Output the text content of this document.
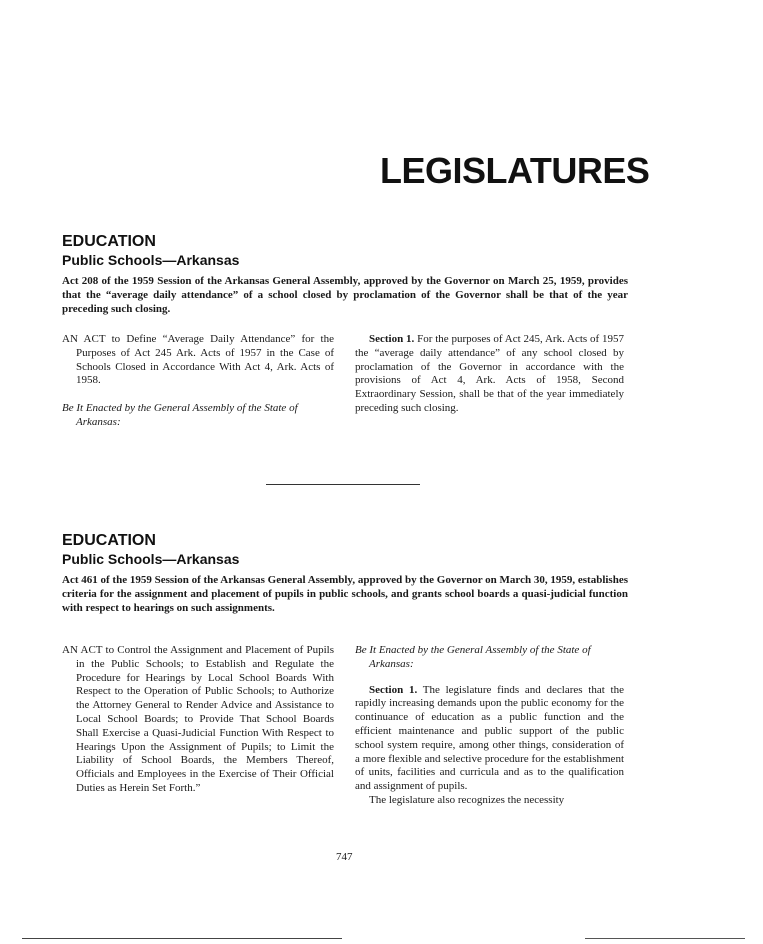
LEGISLATURES
EDUCATION
Public Schools—Arkansas
Act 208 of the 1959 Session of the Arkansas General Assembly, approved by the Governor on March 25, 1959, provides that the “average daily attendance” of a school closed by proclamation of the Governor shall be that of the year preceding such closing.

AN ACT to Define “Average Daily Attendance” for the Purposes of Act 245 Ark. Acts of 1957 in the Case of Schools Closed in Accordance With Act 4, Ark. Acts of 1958.

Be It Enacted by the General Assembly of the State of Arkansas:

Section 1. For the purposes of Act 245, Ark. Acts of 1957 the “average daily attendance” of any school closed by proclamation of the Governor in accordance with the provisions of Act 4, Ark. Acts of 1958, Second Extraordinary Session, shall be that of the year immediately preceding such closing.

EDUCATION
Public Schools—Arkansas
Act 461 of the 1959 Session of the Arkansas General Assembly, approved by the Governor on March 30, 1959, establishes criteria for the assignment and placement of pupils in public schools, and grants school boards a quasi-judicial function with respect to hearings on such assignments.

AN ACT to Control the Assignment and Placement of Pupils in the Public Schools; to Establish and Regulate the Procedure for Hearings by Local School Boards With Respect to the Operation of Public Schools; to Authorize the Attorney General to Render Advice and Assistance to Local School Boards; to Provide That School Boards Shall Exercise a Quasi-Judicial Function With Respect to Hearings Upon the Assignment of Pupils; to Limit the Liability of School Boards, the Members Thereof, Officials and Employees in the Exercise of Their Official Duties as Herein Set Forth.”

Be It Enacted by the General Assembly of the State of Arkansas:

Section 1. The legislature finds and declares that the rapidly increasing demands upon the public economy for the continuance of education as a public function and the efficient maintenance and public support of the public school system require, among other things, consideration of a more flexible and selective procedure for the establishment of units, facilities and curricula and as to the qualification and assignment of pupils.

The legislature also recognizes the necessity

747
